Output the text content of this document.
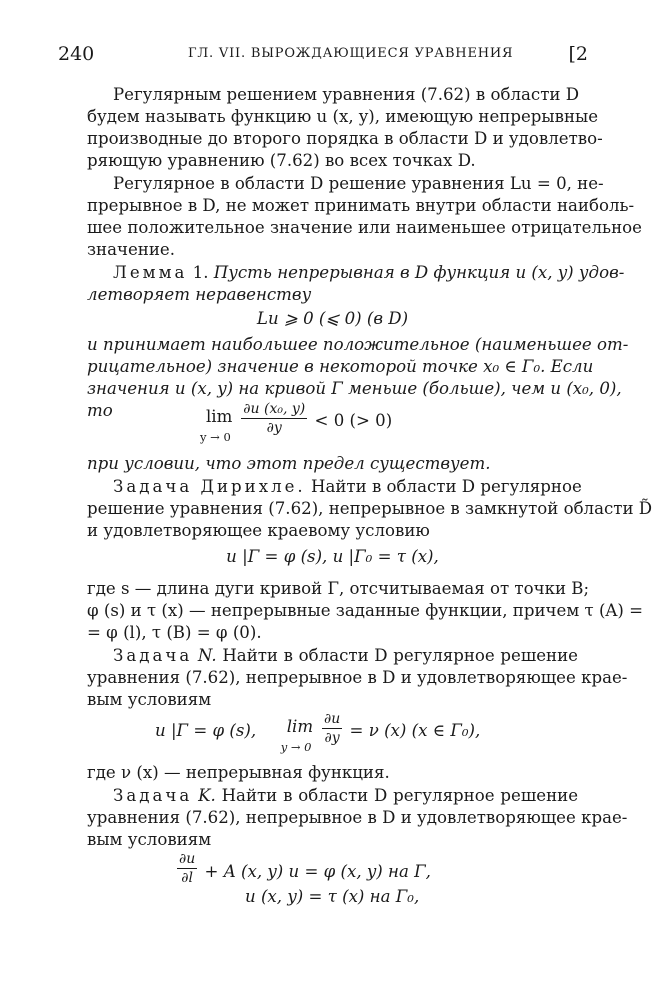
240	ГЛ. VII. ВЫРОЖДАЮЩИЕСЯ УРАВНЕНИЯ	[2
Регулярным решением уравнения (7.62) в области D
будем называть функцию u (x, y), имеющую непрерывные
производные до второго порядка в области D и удовлетво-
ряющую уравнению (7.62) во всех точках D.
Регулярное в области D решение уравнения Lu = 0, не-
прерывное в D, не может принимать внутри области наиболь-
шее положительное значение или наименьшее отрицательное
значение.
Лемма 1. Пусть непрерывная в D функция u (x, y) удов-
летворяет неравенству
Lu ⩾ 0 (⩽ 0) (в D)
и принимает наибольшее положительное (наименьшее от-
рицательное) значение в некоторой точке x₀ ∈ Γ₀. Если
значения u (x, y) на кривой Γ меньше (больше), чем u (x₀, 0),
то	lim
y → 0
$\frac{\text{∂u (x₀, y)}}{\partial y} < 0$ (> 0)
при условии, что этот предел существует.
Задача Дирихле. Найти в области D регулярное
решение уравнения (7.62), непрерывное в замкнутой области D̃
и удовлетворяющее краевому условию
u |Γ = φ (s), u |Γ₀ = τ (x),
где s — длина дуги кривой Γ, отсчитываемая от точки B;
φ (s) и τ (x) — непрерывные заданные функции, причем τ (A) =
= φ (l), τ (B) = φ (0).
Задача N. Найти в области D регулярное решение
уравнения (7.62), непрерывное в D и удовлетворяющее крае-
вым условиям
u |Γ = φ (s), lim
y → 0
$\frac{\partial u}{\partial y} = \nu$ (x) (x ∈ Γ₀),
где ν (x) — непрерывная функция.
Задача K. Найти в области D регулярное решение
уравнения (7.62), непрерывное в D и удовлетворяющее крае-
вым условиям
$\frac{\partial u}{\partial l} + A$ (x, y) u = φ (x, y) на Γ,
u (x, y) = τ (x) на Γ₀,
